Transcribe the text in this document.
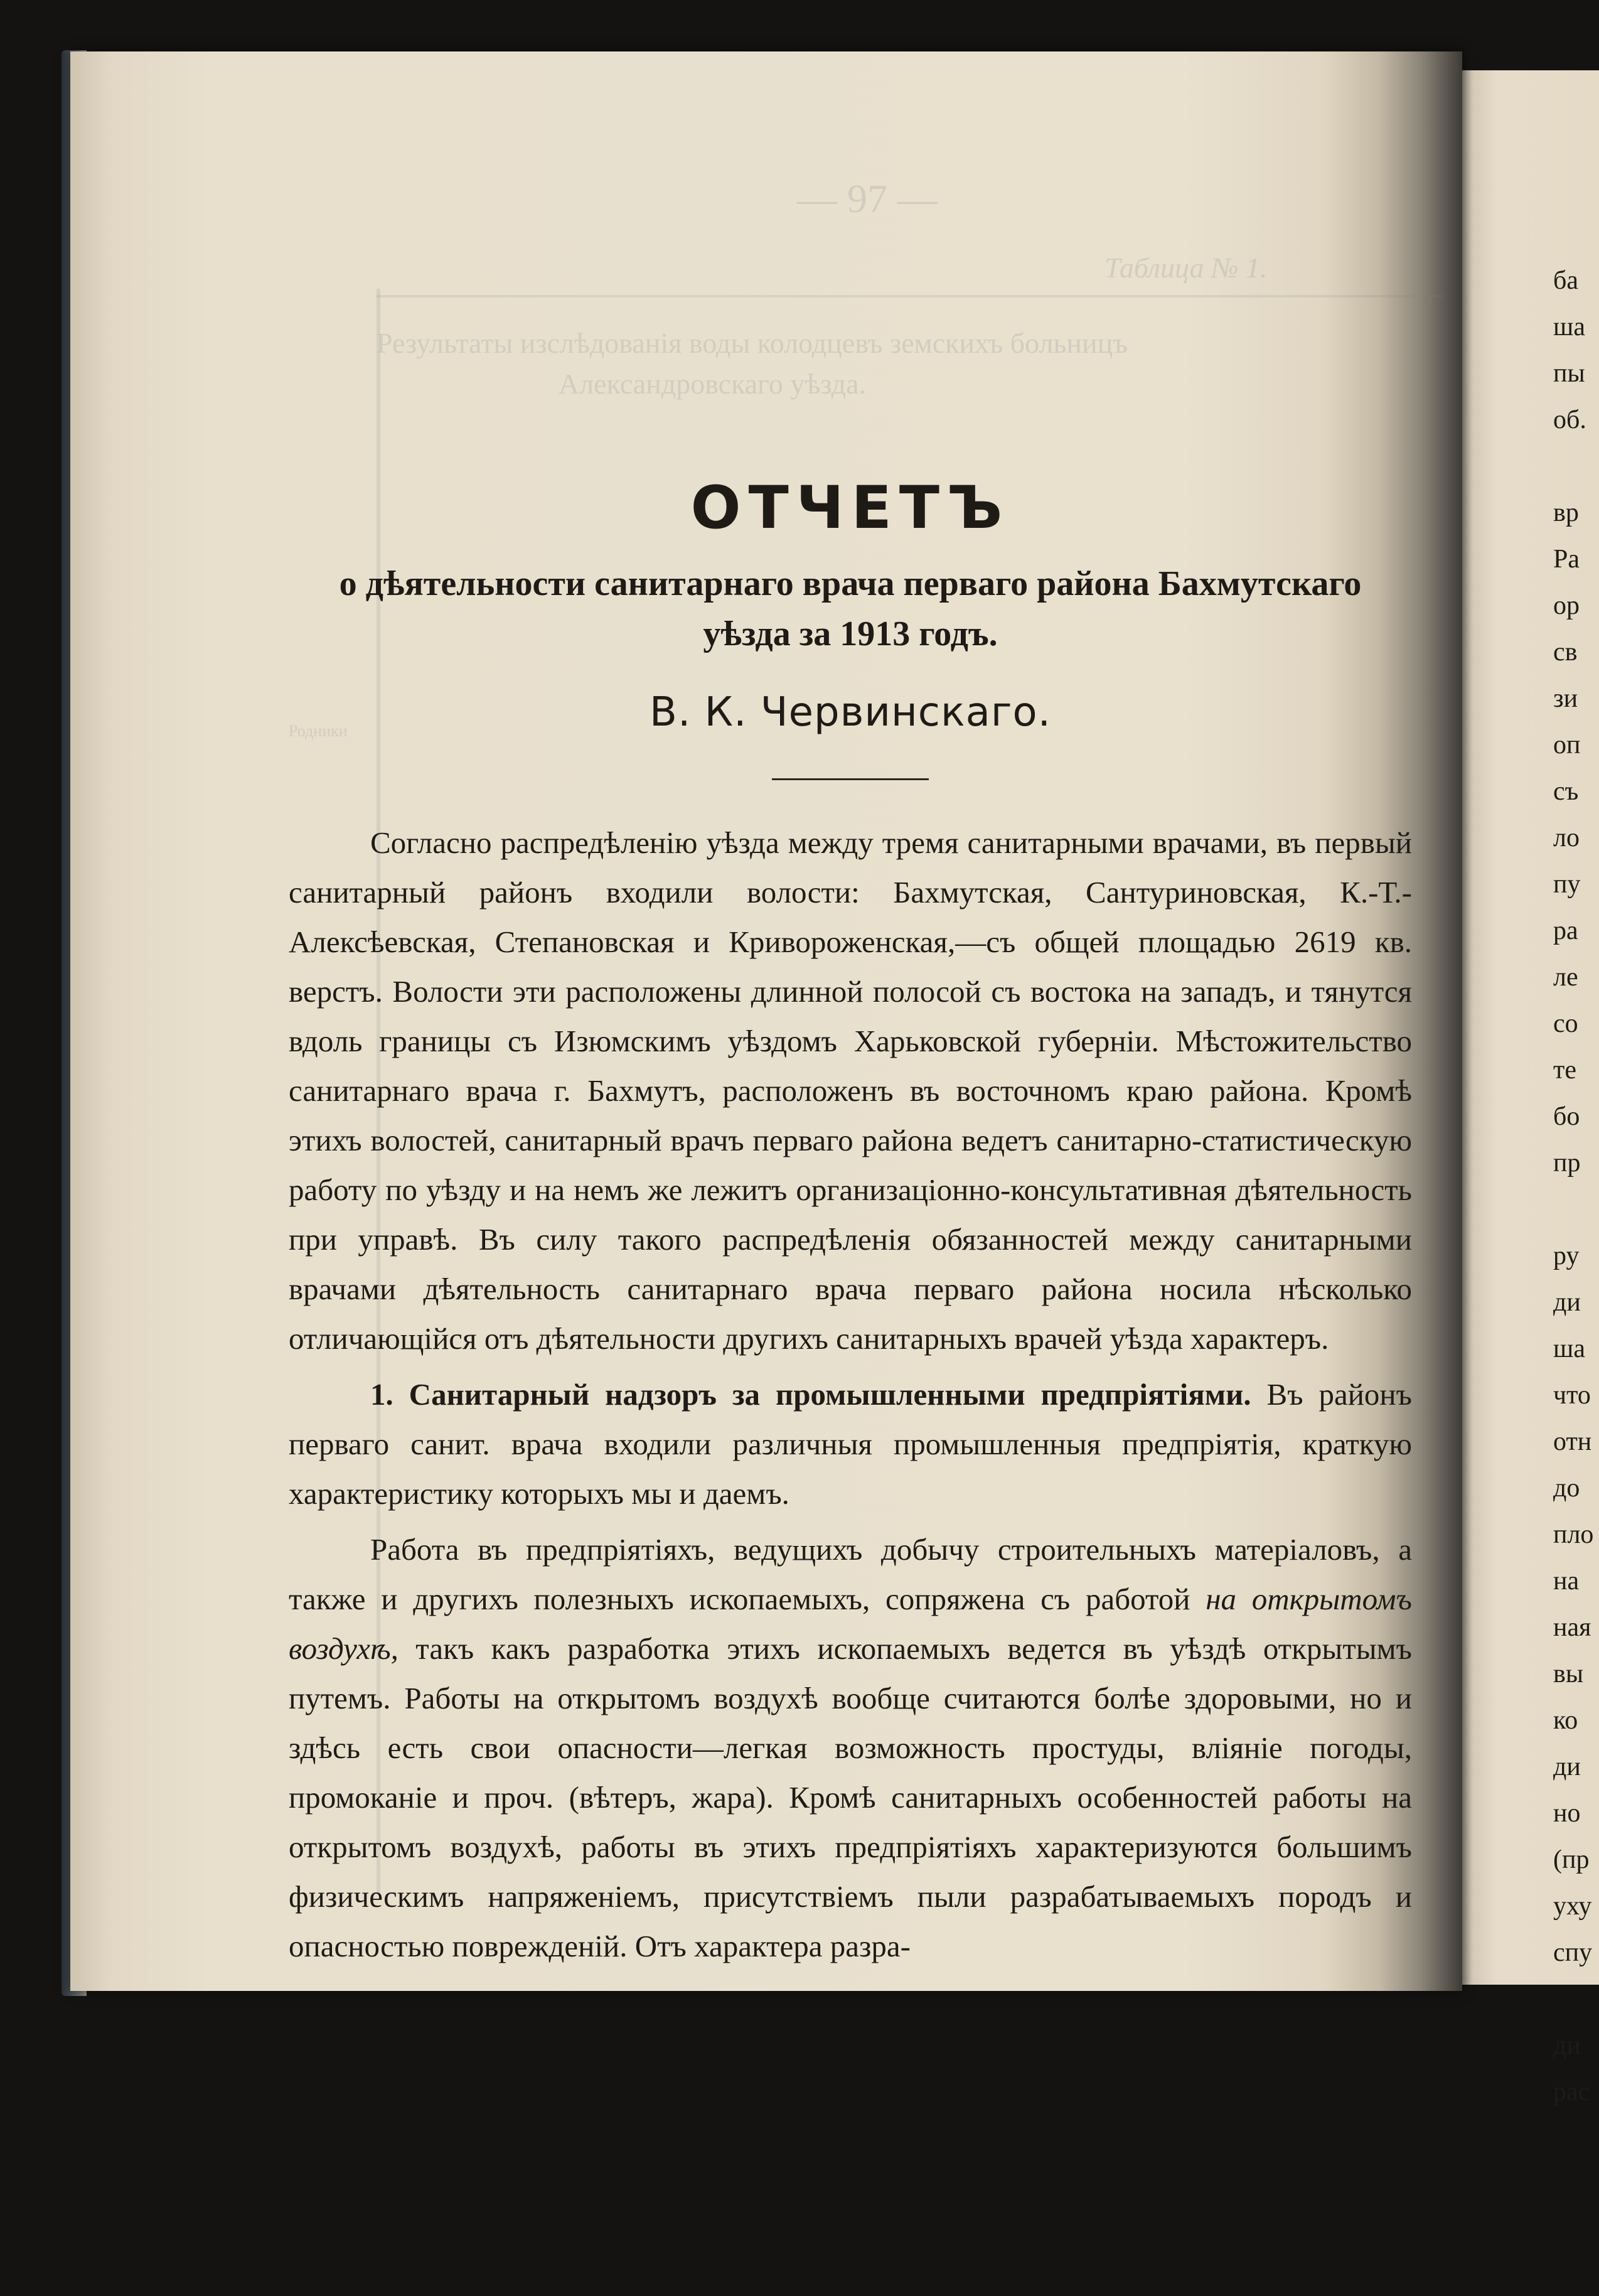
ба
ша
пы
об.
вр
Ра
ор
св
зи
оп
съ
ло
пу
ра
ле
со
те
бо
пр
ру
ди
ша
что
отн
до
пло
на
ная
вы
ко
ди
но
(пр
уху
спу
ди
рас
— 97 —
Таблица № 1.
Результаты изслѣдованія воды колодцевъ земскихъ больницъ
Александровскаго уѣзда.
Родники
ОТЧЕТЪ

о дѣятельности санитарнаго врача перваго района Бахмутскаго уѣзда за 1913 годъ.

В. К. Червинскаго.

Согласно распредѣленію уѣзда между тремя санитарными врачами, въ первый санитарный районъ входили волости: Бахмутская, Сантуриновская, К.-Т.-Алексѣевская, Степановская и Кривороженская,—съ общей площадью 2619 кв. верстъ. Волости эти расположены длинной полосой съ востока на западъ, и тянутся вдоль границы съ Изюмскимъ уѣздомъ Харьковской губерніи. Мѣстожительство санитарнаго врача г. Бахмутъ, расположенъ въ восточномъ краю района. Кромѣ этихъ волостей, санитарный врачъ перваго района ведетъ санитарно-статистическую работу по уѣзду и на немъ же лежитъ организаціонно-консультативная дѣятельность при управѣ. Въ силу такого распредѣленія обязанностей между санитарными врачами дѣятельность санитарнаго врача перваго района носила нѣсколько отличающійся отъ дѣятельности другихъ санитарныхъ врачей уѣзда характеръ.

1. Санитарный надзоръ за промышленными предпріятіями. Въ районъ перваго санит. врача входили различныя промышленныя предпріятія, краткую характеристику которыхъ мы и даемъ.

Работа въ предпріятіяхъ, ведущихъ добычу строительныхъ матеріаловъ, а также и другихъ полезныхъ ископаемыхъ, сопряжена съ работой на открытомъ воздухѣ, такъ какъ разработка этихъ ископаемыхъ ведется въ уѣздѣ открытымъ путемъ. Работы на открытомъ воздухѣ вообще считаются болѣе здоровыми, но и здѣсь есть свои опасности—легкая возможность простуды, вліяніе погоды, промоканіе и проч. (вѣтеръ, жара). Кромѣ санитарныхъ особенностей работы на открытомъ воздухѣ, работы въ этихъ предпріятіяхъ характеризуются большимъ физическимъ напряженіемъ, присутствіемъ пыли разрабатываемыхъ породъ и опасностью поврежденій. Отъ характера разра-
